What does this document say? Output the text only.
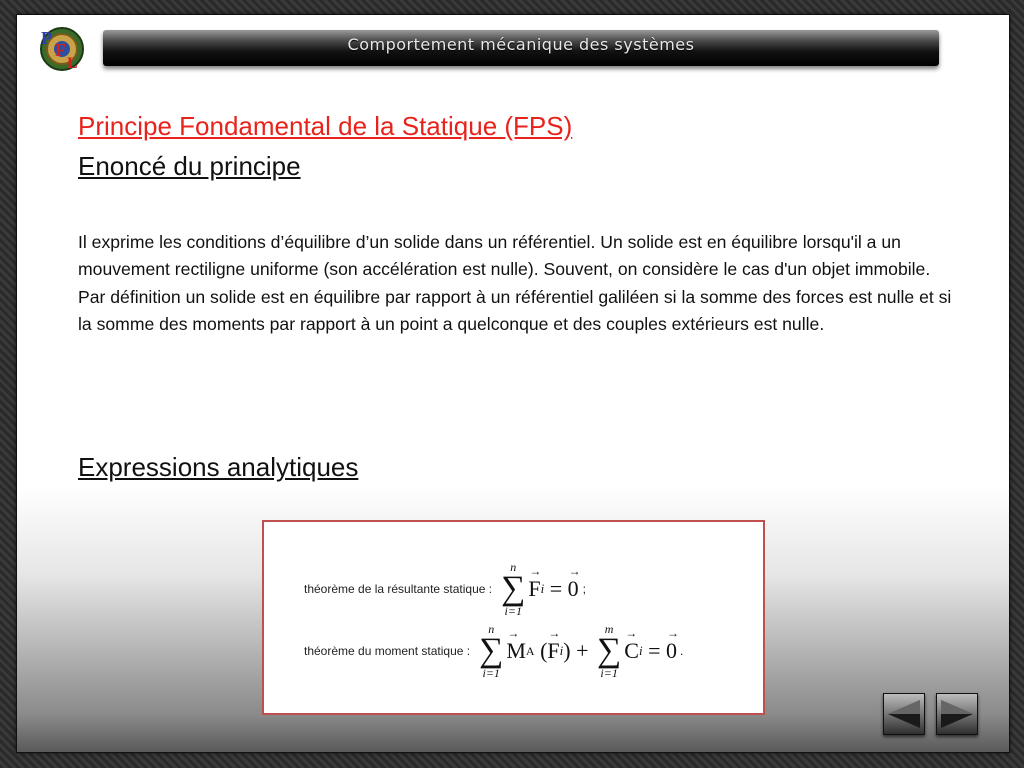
P
F
L
Comportement mécanique des systèmes
Principe Fondamental de la Statique (FPS)
Enoncé du principe

Il exprime les conditions d’équilibre d’un solide dans un référentiel. Un solide est en équilibre lorsqu'il a un mouvement rectiligne uniforme (son accélération est nulle). Souvent, on considère le cas d'un objet immobile.

Par définition un solide est en équilibre par rapport à un référentiel galiléen si la somme des forces est nulle et si la somme des moments par rapport à un point a quelconque et des couples extérieurs est nulle.

Expressions analytiques
théorème de la résultante statique :
n
∑
i=1
→ F i = → 0 ;
théorème du moment statique :
n
∑
i=1
→ M A ( → F i ) +
m
∑
i=1
→ C i = → 0 .
